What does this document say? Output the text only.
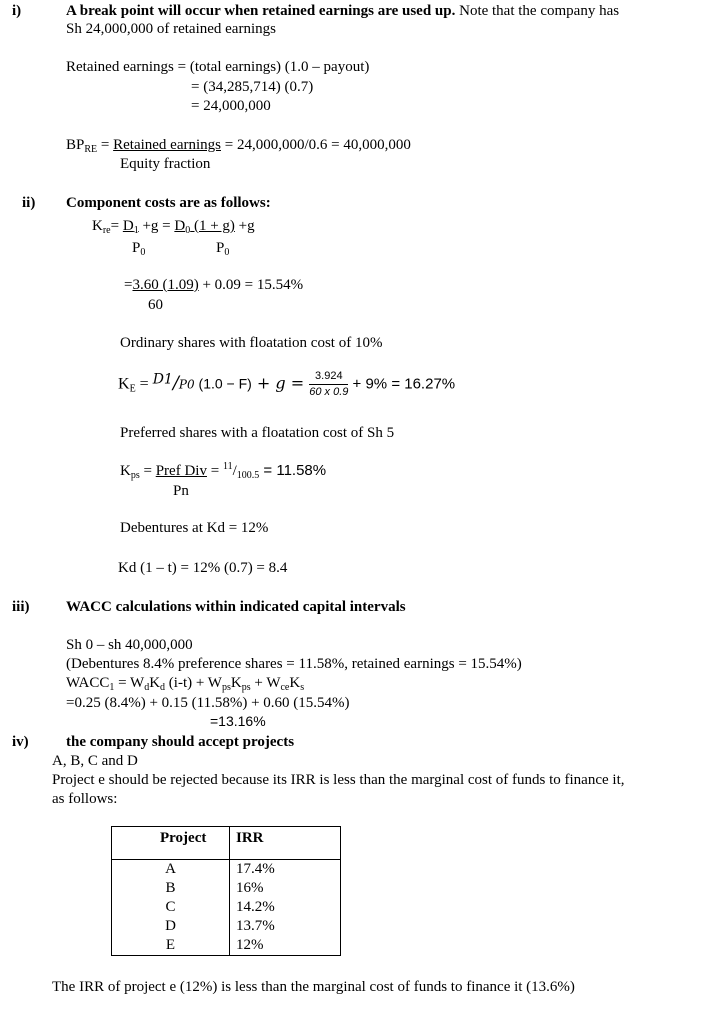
i)	A break point will occur when retained earnings are used up. Note that the company has
Sh 24,000,000 of retained earnings
Retained earnings = (total earnings) (1.0 – payout)
= (34,285,714) (0.7)
= 24,000,000
$BP_{RE}$ = Retained earnings = 24,000,000/0.6 = 40,000,000
Equity fraction
ii) Component costs are as follows:
$K_{re}= D_1 +g = D_0$ (1 + g) +g
$P_0$	$P_0$
=3.60 (1.09) + 0.09 = 15.54%
60
Ordinary shares with floatation cost of 10%
$K_E = D1/P0$ $(1.0 - F) + g = \frac{3.924}{60 x 0.9} + 9\% = 16.27\%$
Preferred shares with a floatation cost of Sh 5
$K_{ps}$ = Pref Div = $^{11}/_{100.5} = 11.58\%$
Pn
Debentures at Kd = 12%
Kd (1 – t) = 12% (0.7) = 8.4
iii) WACC calculations within indicated capital intervals
Sh 0 – sh 40,000,000
(Debentures 8.4% preference shares = 11.58%, retained earnings = 15.54%)
$WACC_1 = W_dK_d$ $(i-t) + W_{ps}K_{ps} + W_{ce}K_s$
=0.25 (8.4%) + 0.15 (11.58%) + 0.60 (15.54%)
=13.16%
iv) the company should accept projects
A, B, C and D
Project e should be rejected because its IRR is less than the marginal cost of funds to finance it,
as follows:
Project	IRR
A	17.4%
B	16%
C	14.2%
D	13.7%
E	12%
The IRR of project e (12%) is less than the marginal cost of funds to finance it (13.6%)
